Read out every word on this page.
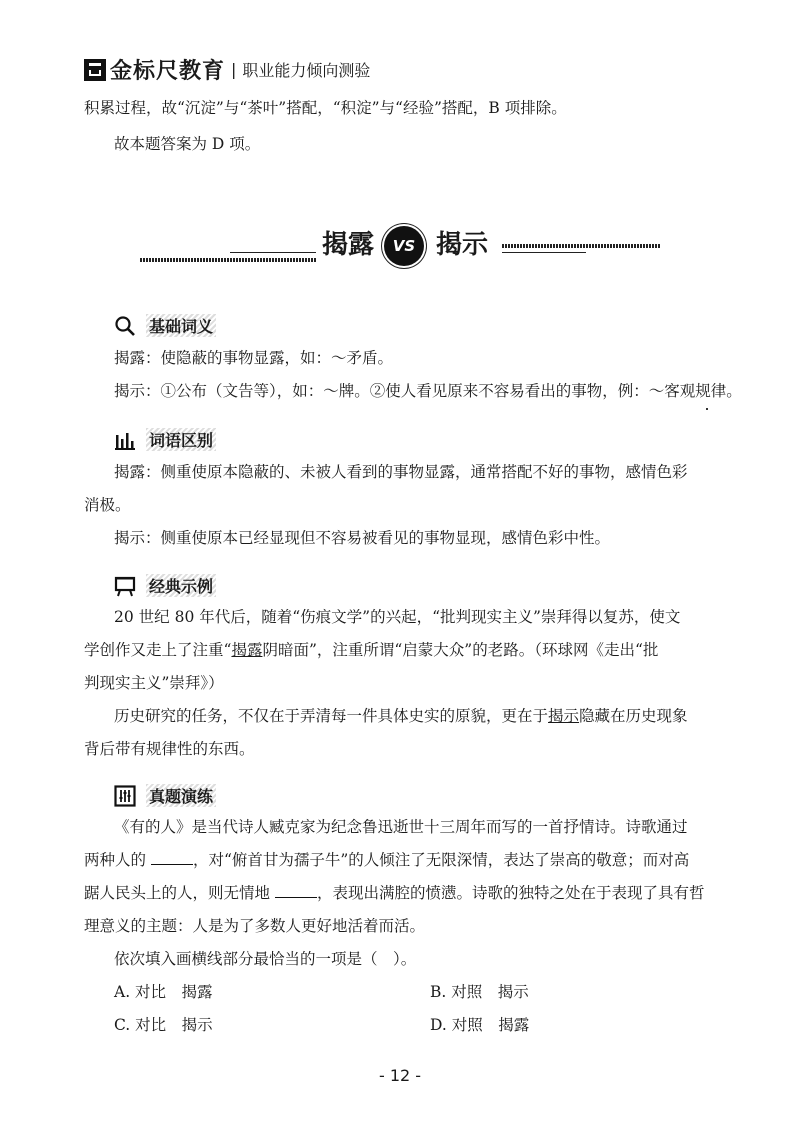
金标尺教育 | 职业能力倾向测验
积累过程，故“沉淀”与“茶叶”搭配，“积淀”与“经验”搭配，B 项排除。
故本题答案为 D 项。
揭露	VS 揭示
基础词义
揭露：使隐蔽的事物显露，如：～矛盾。
揭示：①公布（文告等），如：～牌。②使人看见原来不容易看出的事物，例：～客观规律。
词语区别
揭露：侧重使原本隐蔽的、未被人看到的事物显露，通常搭配不好的事物，感情色彩
消极。
揭示：侧重使原本已经显现但不容易被看见的事物显现，感情色彩中性。
经典示例
20 世纪 80 年代后，随着“伤痕文学”的兴起，“批判现实主义”崇拜得以复苏，使文
学创作又走上了注重“揭露阴暗面”，注重所谓“启蒙大众”的老路。（环球网《走出“批
判现实主义”崇拜》）
历史研究的任务，不仅在于弄清每一件具体史实的原貌，更在于揭示隐藏在历史现象
背后带有规律性的东西。
真题演练
《有的人》是当代诗人臧克家为纪念鲁迅逝世十三周年而写的一首抒情诗。诗歌通过
两种人的	，对“俯首甘为孺子牛”的人倾注了无限深情，表达了崇高的敬意；而对高
踞人民头上的人，则无情地	，表现出满腔的愤懑。诗歌的独特之处在于表现了具有哲
理意义的主题：人是为了多数人更好地活着而活。
依次填入画横线部分最恰当的一项是（　）。
A. 对比　揭露	B. 对照　揭示
C. 对比　揭示	D. 对照　揭露
- 12 -
